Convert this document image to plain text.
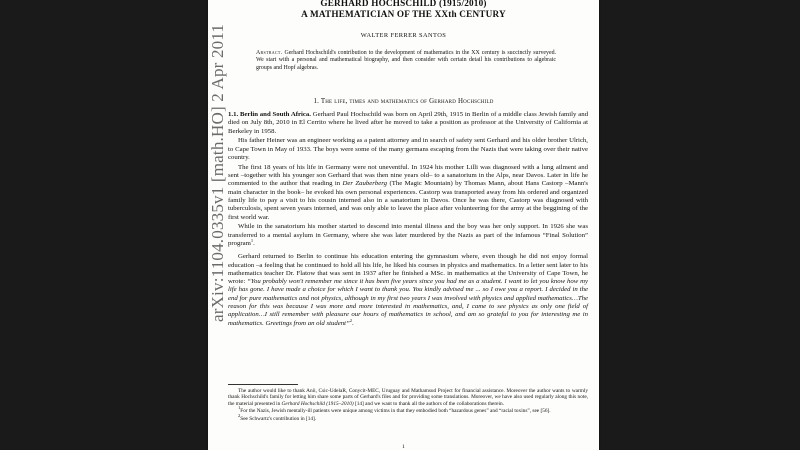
GERHARD HOCHSCHILD (1915/2010)
A MATHEMATICIAN OF THE XXth CENTURY
WALTER FERRER SANTOS
Abstract. Gerhard Hochschild's contribution to the development of mathematics in the XX century is succinctly surveyed. We start with a personal and mathematical biography, and then consider with certain detail his contributions to algebraic groups and Hopf algebras.
1. The life, times and mathematics of Gerhard Hochschild

1.1. Berlin and South Africa. Gerhard Paul Hochschild was born on April 29th, 1915 in Berlin of a middle class Jewish family and died on July 8th, 2010 in El Cerrito where he lived after he moved to take a position as professor at the University of California at Berkeley in 1958.

His father Heiner was an engineer working as a patent attorney and in search of safety sent Gerhard and his older brother Ulrich, to Cape Town in May of 1933. The boys were some of the many germans escaping from the Nazis that were taking over their native country.

The first 18 years of his life in Germany were not uneventful. In 1924 his mother Lilli was diagnosed with a lung ailment and sent –together with his younger son Gerhard that was then nine years old– to a sanatorium in the Alps, near Davos. Later in life he commented to the author that reading in Der Zauberberg (The Magic Mountain) by Thomas Mann, about Hans Castorp –Mann's main character in the book– he evoked his own personal experiences. Castorp was transported away from his ordered and organized family life to pay a visit to his cousin interned also in a sanatorium in Davos. Once he was there, Castorp was diagnosed with tuberculosis, spent seven years interned, and was only able to leave the place after volunteering for the army at the beggining of the first world war.

While in the sanatorium his mother started to descend into mental illness and the boy was her only support. In 1926 she was transferred to a mental asylum in Germany, where she was later murdered by the Nazis as part of the infamous “Final Solution” program$^1$.

Gerhard returned to Berlin to continue his education entering the gymnasium where, even though he did not enjoy formal education –a feeling that he continued to hold all his life, he liked his courses in physics and mathematics. In a letter sent later to his mathematics teacher Dr. Flatow that was sent in 1937 after he finished a MSc. in mathematics at the University of Cape Town, he wrote: “You probably won't remember me since it has been five years since you had me as a student. I want to let you know how my life has gone. I have made a choice for which I want to thank you. You kindly advised me ... so I owe you a report. I decided in the end for pure mathematics and not physics, although in my first two years I was involved with physics and applied mathematics…The reason for this was because I was more and more interested in mathematics, and, I came to see physics as only one field of application…I still remember with pleasure our hours of mathematics in school, and am so grateful to you for interesting me in mathematics. Greetings from an old student”$^2$.

The author would like to thank Anii, Csic-UdelaR, Conycit-MEC, Uruguay and Mathamsud Project for financial assistance. Moreover the author wants to warmly thank Hochschild's family for letting him share some parts of Gerhard's files and for providing some translations. Moreover, we have also used regularly along this note, the material presented in Gerhard Hochschild (1915–2010) [14] and we want to thank all the authors of the collaborations therein.

$^1$For the Nazis, Jewish mentally-ill patients were unique among victims in that they embodied both “hazardous genes” and “racial toxins”, see [56].

$^2$See Schwartz's contribution in [14].

1
arXiv:1104.0335v1 [math.HO] 2 Apr 2011
